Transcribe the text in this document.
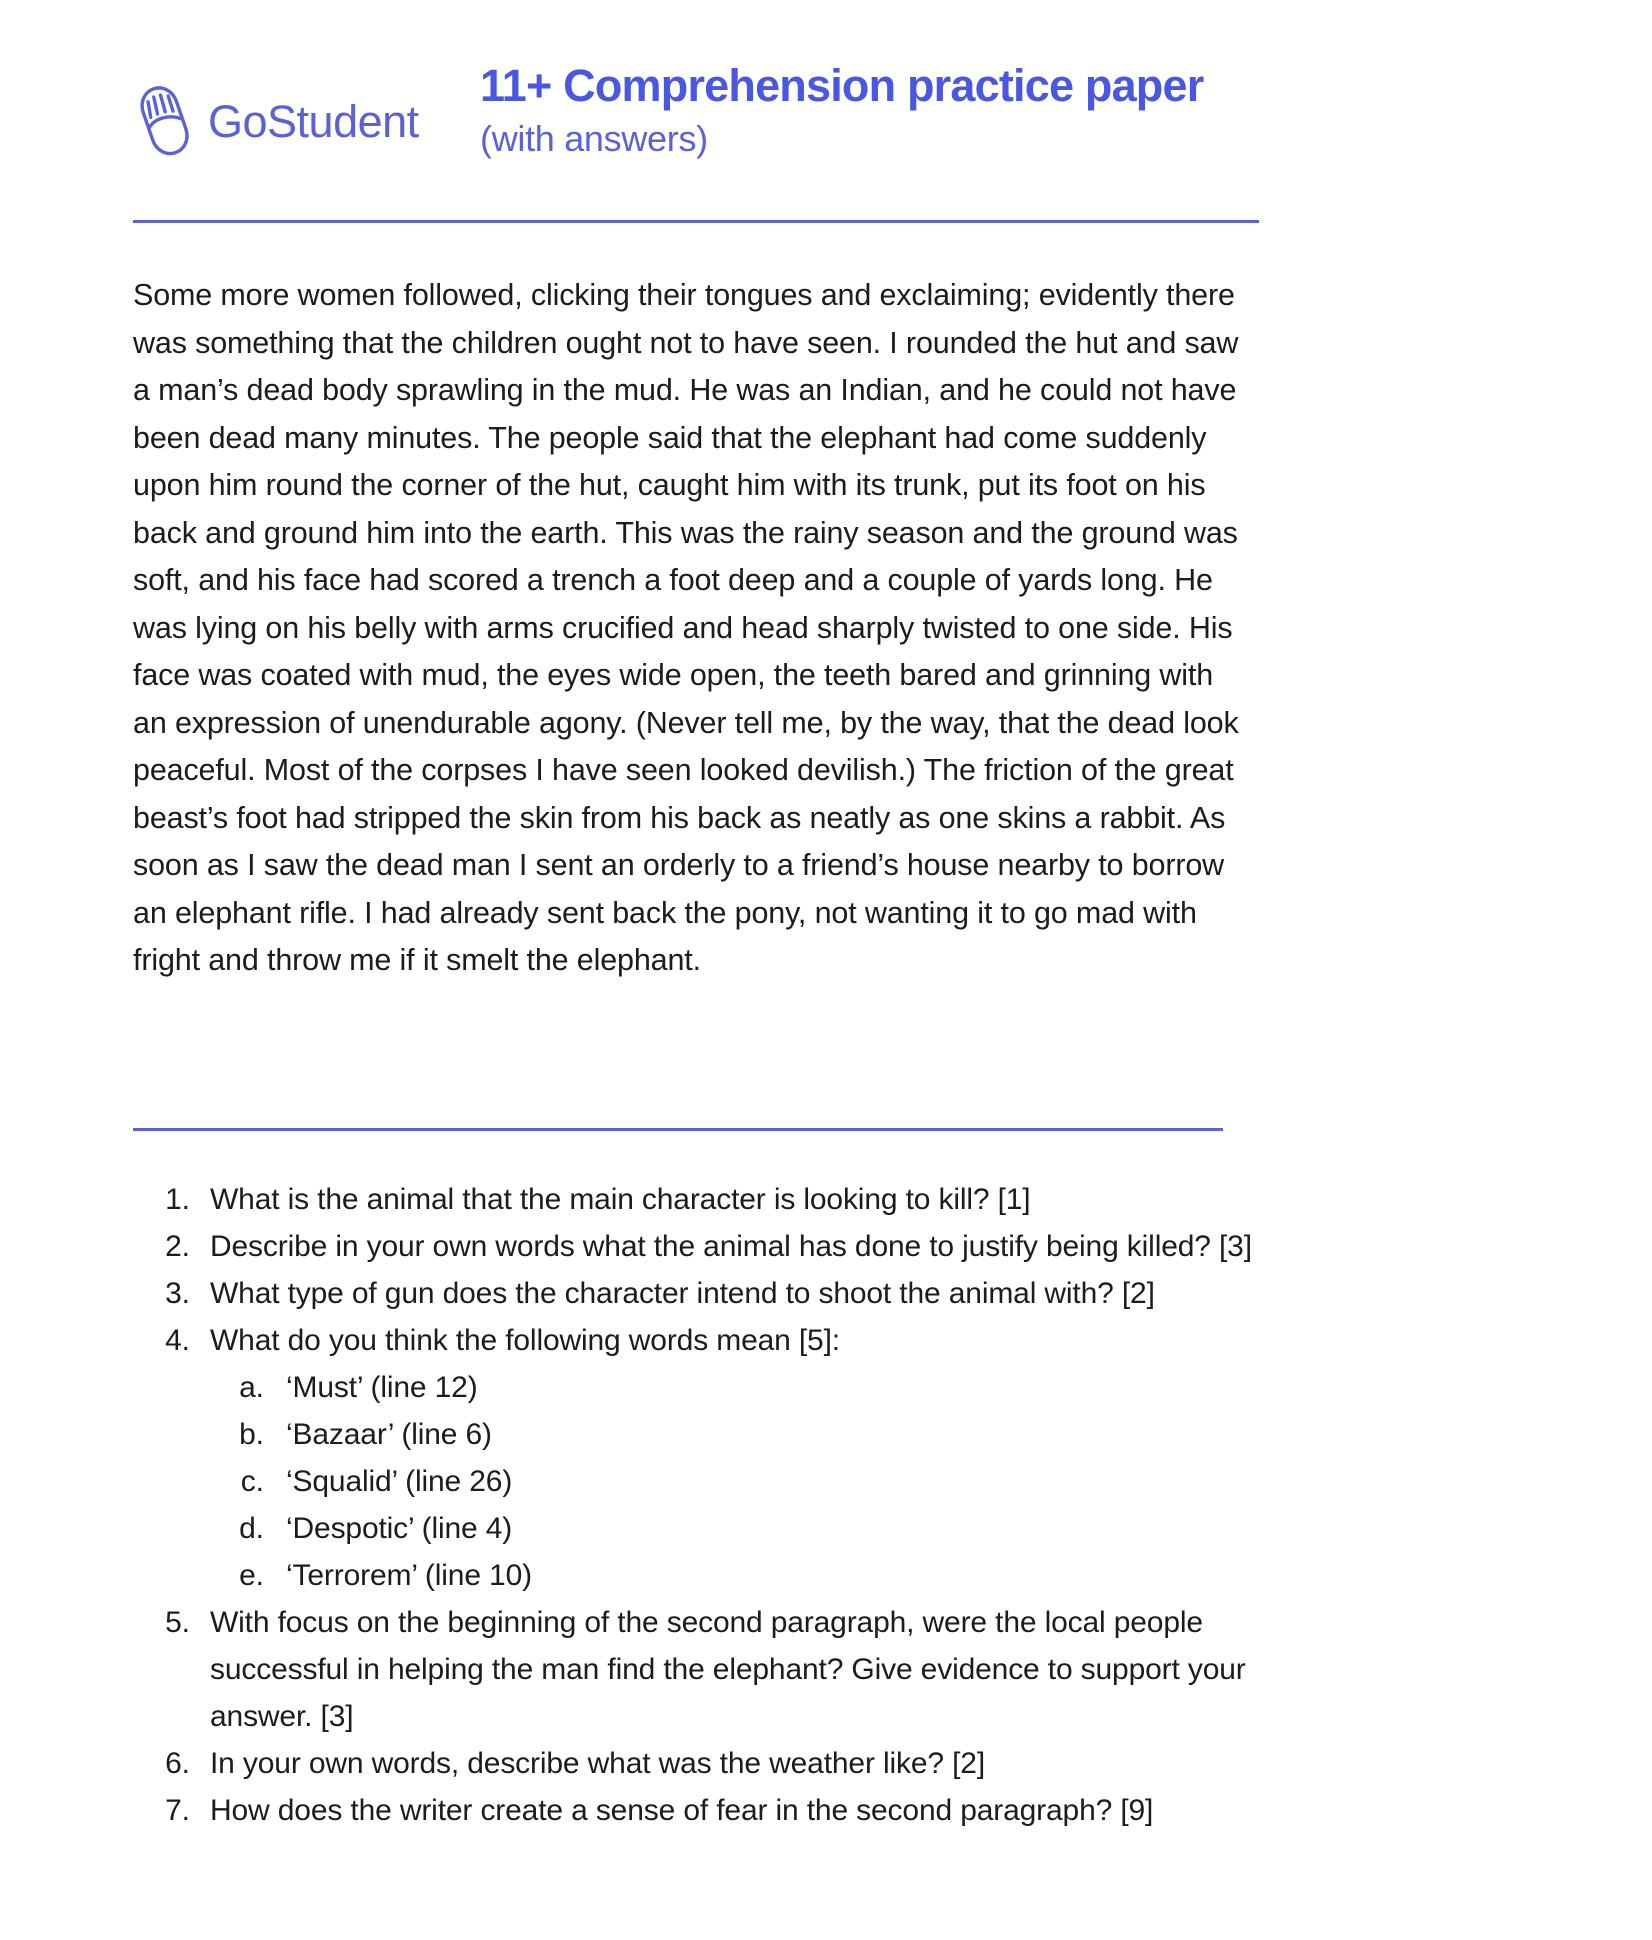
GoStudent
11+ Comprehension practice paper

(with answers)

Some more women followed, clicking their tongues and exclaiming; evidently there was something that the children ought not to have seen. I rounded the hut and saw a man’s dead body sprawling in the mud. He was an Indian, and he could not have been dead many minutes. The people said that the elephant had come suddenly upon him round the corner of the hut, caught him with its trunk, put its foot on his back and ground him into the earth. This was the rainy season and the ground was soft, and his face had scored a trench a foot deep and a couple of yards long. He was lying on his belly with arms crucified and head sharply twisted to one side. His face was coated with mud, the eyes wide open, the teeth bared and grinning with an expression of unendurable agony. (Never tell me, by the way, that the dead look peaceful. Most of the corpses I have seen looked devilish.) The friction of the great beast’s foot had stripped the skin from his back as neatly as one skins a rabbit. As soon as I saw the dead man I sent an orderly to a friend’s house nearby to borrow an elephant rifle. I had already sent back the pony, not wanting it to go mad with fright and throw me if it smelt the elephant.
1. What is the animal that the main character is looking to kill? [1]
2. Describe in your own words what the animal has done to justify being killed? [3]
3. What type of gun does the character intend to shoot the animal with? [2]
4. What do you think the following words mean [5]:
a. ‘Must’ (line 12)
b. ‘Bazaar’ (line 6)
c. ‘Squalid’ (line 26)
d. ‘Despotic’ (line 4)
e. ‘Terrorem’ (line 10)
5. With focus on the beginning of the second paragraph, were the local people successful in helping the man find the elephant? Give evidence to support your answer. [3]
6. In your own words, describe what was the weather like? [2]
7. How does the writer create a sense of fear in the second paragraph? [9]
